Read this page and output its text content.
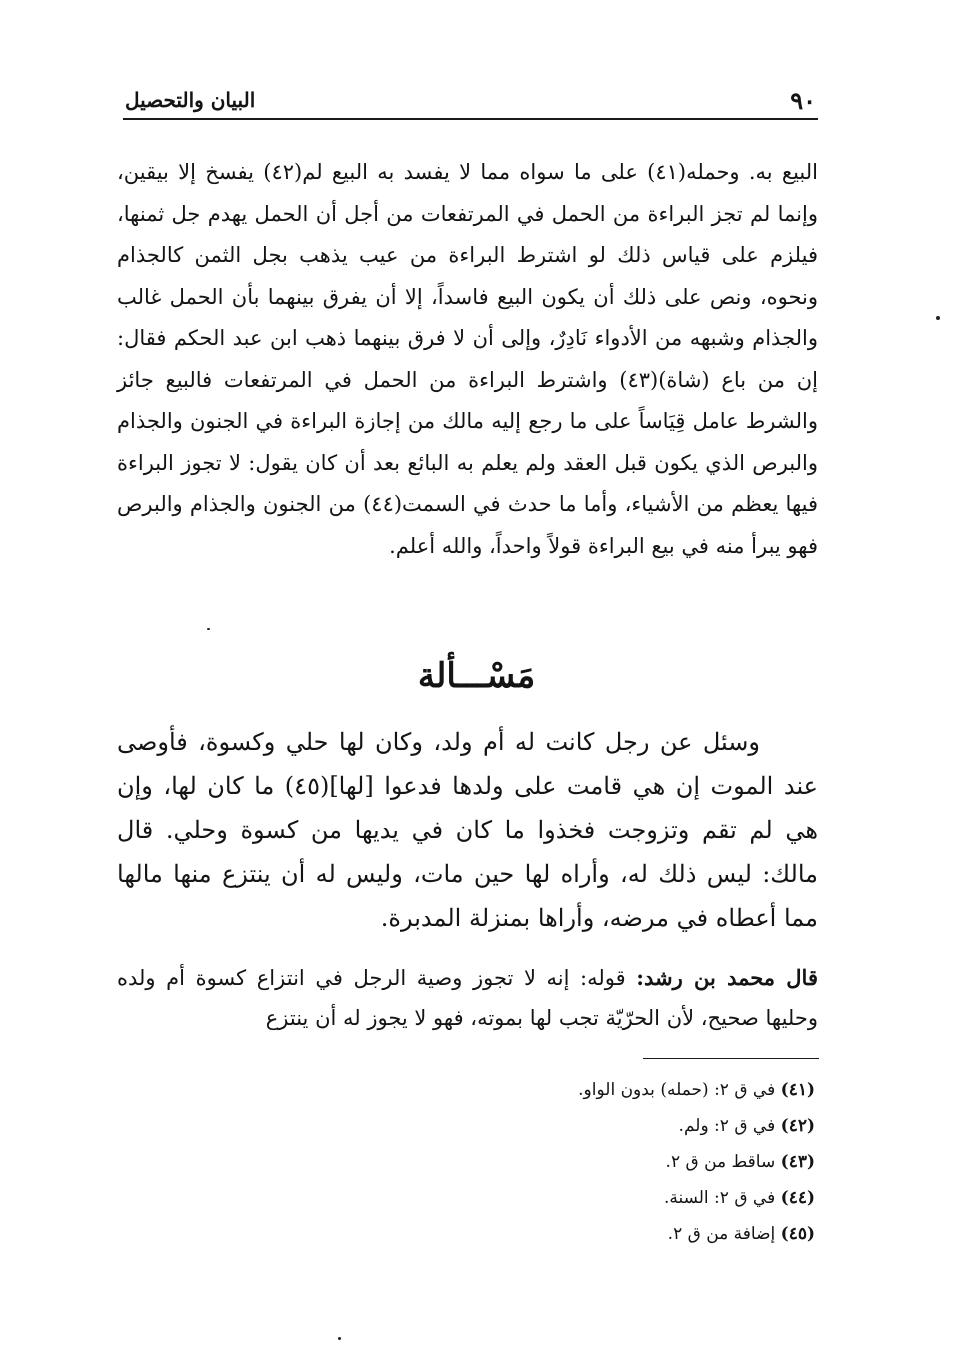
٩٠
البيان والتحصيل
البيع به. وحمله(٤١) على ما سواه مما لا يفسد به البيع لم(٤٢) يفسخ إلا بيقين، وإنما لم تجز البراءة من الحمل في المرتفعات من أجل أن الحمل يهدم جل ثمنها، فيلزم على قياس ذلك لو اشترط البراءة من عيب يذهب بجل الثمن كالجذام ونحوه، ونص على ذلك أن يكون البيع فاسداً، إلا أن يفرق بينهما بأن الحمل غالب والجذام وشبهه من الأدواء نَادِرٌ، وإلى أن لا فرق بينهما ذهب ابن عبد الحكم فقال: إن من باع (شاة)(٤٣) واشترط البراءة من الحمل في المرتفعات فالبيع جائز والشرط عامل قِيَاساً على ما رجع إليه مالك من إجازة البراءة في الجنون والجذام والبرص الذي يكون قبل العقد ولم يعلم به البائع بعد أن كان يقول: لا تجوز البراءة فيها يعظم من الأشياء، وأما ما حدث في السمت(٤٤) من الجنون والجذام والبرص فهو يبرأ منه في بيع البراءة قولاً واحداً، والله أعلم.
مَسْـــألة
وسئل عن رجل كانت له أم ولد، وكان لها حلي وكسوة، فأوصى عند الموت إن هي قامت على ولدها فدعوا [لها](٤٥) ما كان لها، وإن هي لم تقم وتزوجت فخذوا ما كان في يديها من كسوة وحلي. قال مالك: ليس ذلك له، وأراه لها حين مات، وليس له أن ينتزع منها مالها مما أعطاه في مرضه، وأراها بمنزلة المدبرة.
قال محمد بن رشد: قوله: إنه لا تجوز وصية الرجل في انتزاع كسوة أم ولده وحليها صحيح، لأن الحرّيّة تجب لها بموته، فهو لا يجوز له أن ينتزع
(٤١) في ق ٢: (حمله) بدون الواو.
(٤٢) في ق ٢: ولم.
(٤٣) ساقط من ق ٢.
(٤٤) في ق ٢: السنة.
(٤٥) إضافة من ق ٢.
